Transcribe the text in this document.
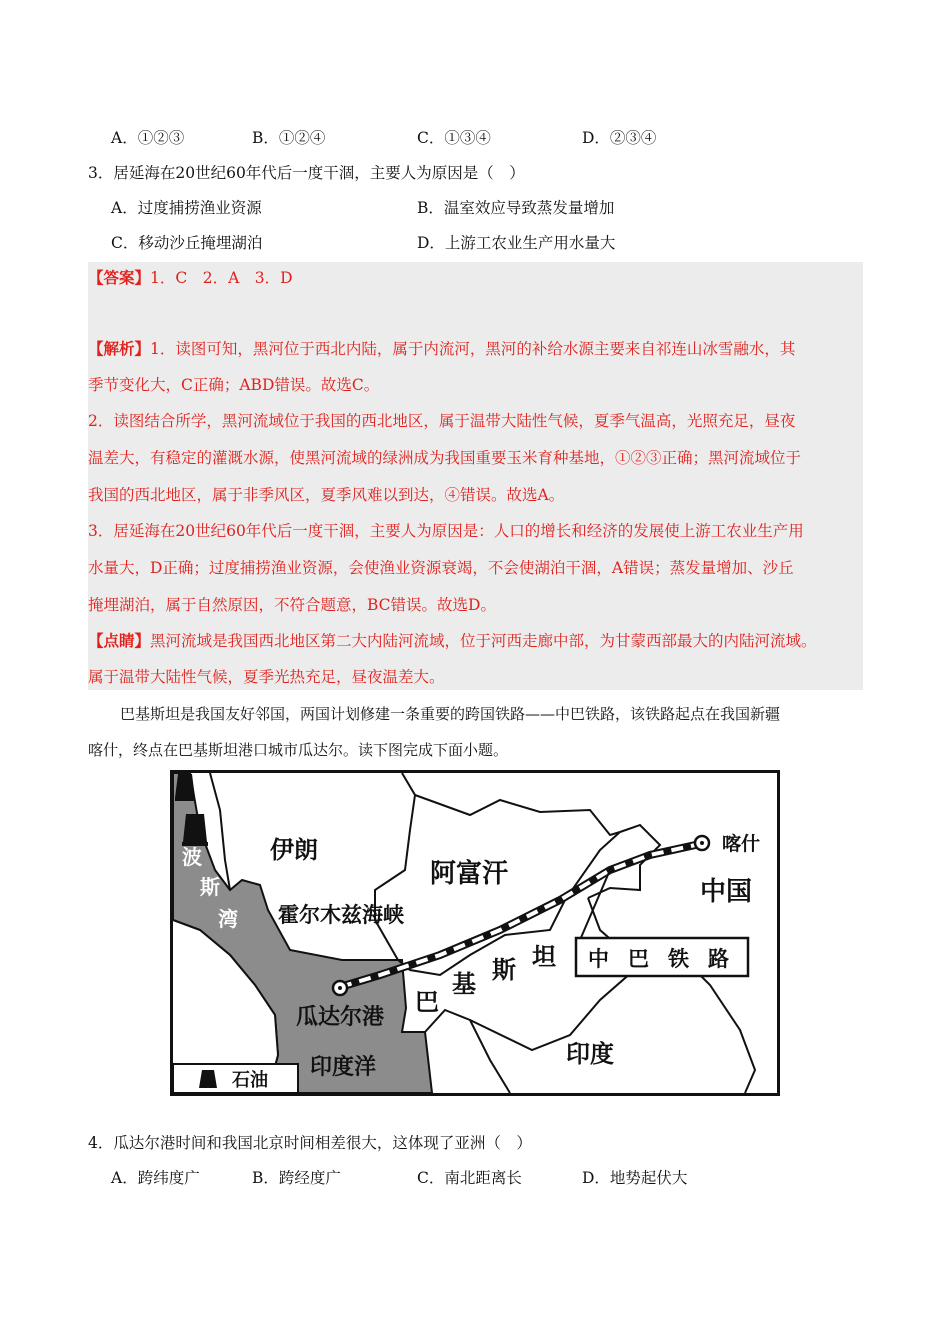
A．①②③	B．①②④	C．①③④	D．②③④
3．居延海在20世纪60年代后一度干涸，主要人为原因是（　）
A．过度捕捞渔业资源	B．温室效应导致蒸发量增加
C．移动沙丘掩埋湖泊	D．上游工农业生产用水量大
【答案】1．C　2．A　3．D
【解析】1．读图可知，黑河位于西北内陆，属于内流河，黑河的补给水源主要来自祁连山冰雪融水，其
季节变化大，C正确；ABD错误。故选C。
2．读图结合所学，黑河流域位于我国的西北地区，属于温带大陆性气候，夏季气温高，光照充足，昼夜
温差大，有稳定的灌溉水源，使黑河流域的绿洲成为我国重要玉米育种基地，①②③正确；黑河流域位于
我国的西北地区，属于非季风区，夏季风难以到达，④错误。故选A。
3．居延海在20世纪60年代后一度干涸，主要人为原因是：人口的增长和经济的发展使上游工农业生产用
水量大，D正确；过度捕捞渔业资源，会使渔业资源衰竭，不会使湖泊干涸，A错误；蒸发量增加、沙丘
掩埋湖泊，属于自然原因，不符合题意，BC错误。故选D。
【点睛】黑河流域是我国西北地区第二大内陆河流域，位于河西走廊中部，为甘蒙西部最大的内陆河流域。
属于温带大陆性气候，夏季光热充足，昼夜温差大。
巴基斯坦是我国友好邻国，两国计划修建一条重要的跨国铁路——中巴铁路，该铁路起点在我国新疆
喀什，终点在巴基斯坦港口城市瓜达尔。读下图完成下面小题。
伊朗
阿富汗
中国
喀什
霍尔木兹海峡
巴
基 斯 坦 中 巴 铁 路
瓜达尔港
印度洋	印度
波
斯
湾
石油
4．瓜达尔港时间和我国北京时间相差很大，这体现了亚洲（　）
A．跨纬度广	B．跨经度广	C．南北距离长	D．地势起伏大
